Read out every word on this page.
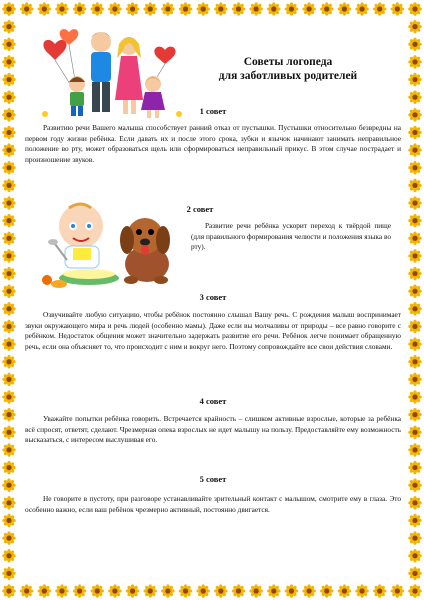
Советы логопеда
для заботливых родителей
1 совет
Развитию речи Вашего малыша способствует ранний отказ от пустышки. Пустышки относительно безвредны на первом году жизни ребёнка. Если давать их и после этого срока, зубки и язычок начинают занимать неправильное положение во рту, может образоваться щель или сформироваться неправильный прикус. В этом случае пострадает и произношение звуков.
2 совет
Развитие речи ребёнка ускорит переход к твёрдой пище (для правильного формирования челюсти и положения языка во рту).
3 совет
Озвучивайте любую ситуацию, чтобы ребёнок постоянно слышал Вашу речь. С рождения малыш воспринимает звуки окружающего мира и речь людей (особенно мамы). Даже если вы молчаливы от природы – все равно говорите с ребёнком. Недостаток общения может значительно задержать развитие его речи. Ребёнок легче понимает обращенную речь, если она объясняет то, что происходит с ним и вокруг него. Поэтому сопровождайте все свои действия словами.
4 совет
Уважайте попытки ребёнка говорить. Встречается крайность – слишком активные взрослые, которые за ребёнка всё спросят, ответят, сделают. Чрезмерная опека взрослых не идет малышу на пользу. Предоставляйте ему возможность высказаться, с интересом выслушивая его.
5 совет
Не говорите в пустоту, при разговоре устанавливайте зрительный контакт с малышом, смотрите ему в глаза. Это особенно важно, если ваш ребёнок чрезмерно активный, постоянно двигается.
